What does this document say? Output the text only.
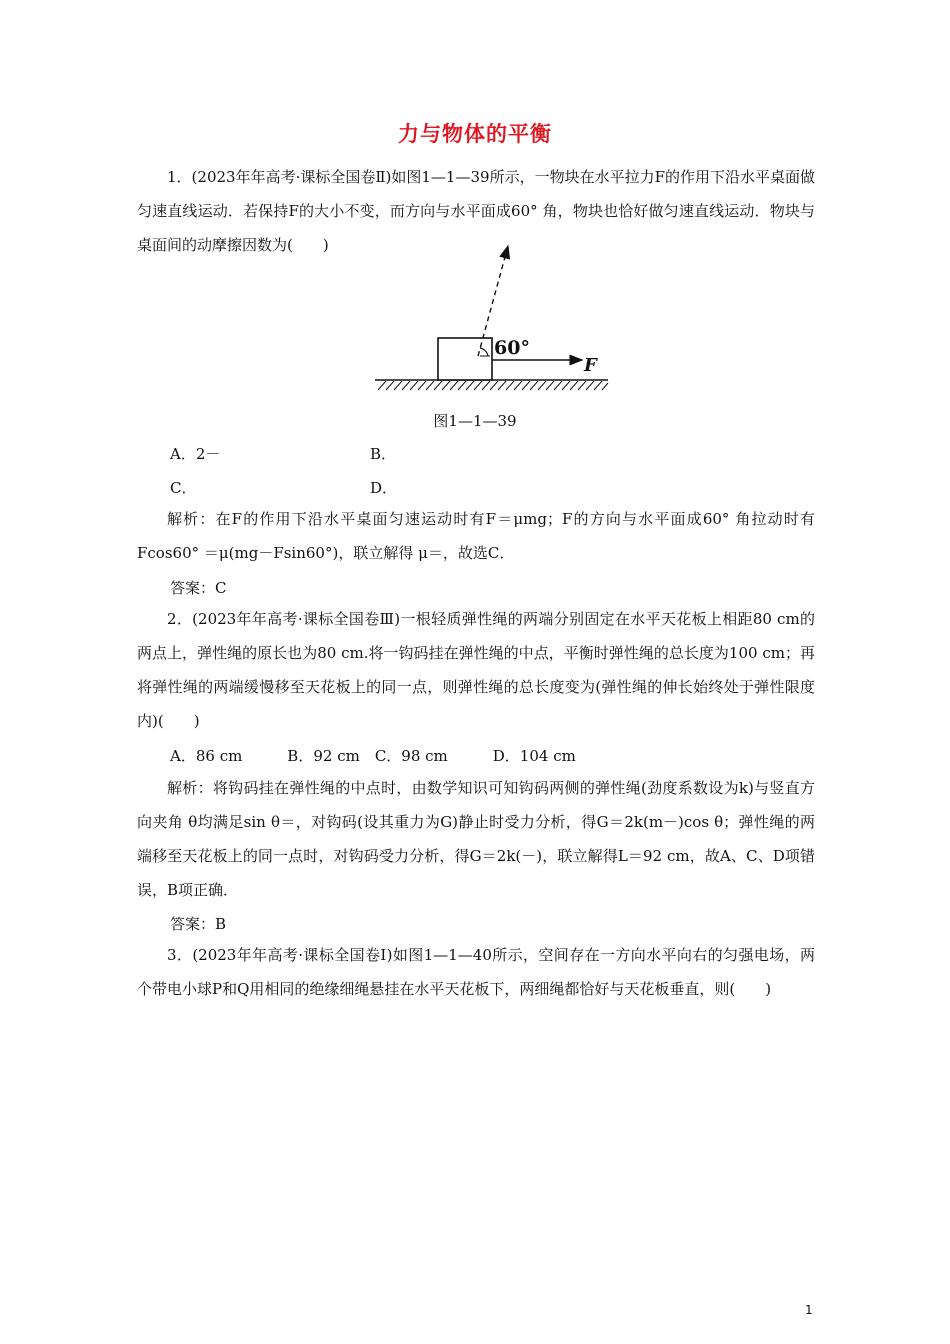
力与物体的平衡
1．(2023年年高考·课标全国卷Ⅱ)如图1—1—39所示，一物块在水平拉力F的作用下沿水平桌面做匀速直线运动．若保持F的大小不变，而方向与水平面成60° 角，物块也恰好做匀速直线运动．物块与桌面间的动摩擦因数为(　　)
60°
F
图1—1—39
A．2－	B．
C．	D．
解析：在F的作用下沿水平桌面匀速运动时有F＝μmg；F的方向与水平面成60° 角拉动时有Fcos60° ＝μ(mg－Fsin60°)，联立解得 μ＝，故选C．
答案：C
2．(2023年年高考·课标全国卷Ⅲ)一根轻质弹性绳的两端分别固定在水平天花板上相距80 cm的两点上，弹性绳的原长也为80 cm.将一钩码挂在弹性绳的中点，平衡时弹性绳的总长度为100 cm；再将弹性绳的两端缓慢移至天花板上的同一点，则弹性绳的总长度变为(弹性绳的伸长始终处于弹性限度内)(　　)
A．86 cm　　　B．92 cm　C．98 cm　　　D．104 cm
解析：将钩码挂在弹性绳的中点时，由数学知识可知钩码两侧的弹性绳(劲度系数设为k)与竖直方向夹角 θ均满足sin θ＝，对钩码(设其重力为G)静止时受力分析，得G＝2k(m－)cos θ；弹性绳的两端移至天花板上的同一点时，对钩码受力分析，得G＝2k(－)，联立解得L＝92 cm，故A、C、D项错误，B项正确．
答案：B
3．(2023年年高考·课标全国卷Ⅰ)如图1—1—40所示，空间存在一方向水平向右的匀强电场，两个带电小球P和Q用相同的绝缘细绳悬挂在水平天花板下，两细绳都恰好与天花板垂直，则(　　)
1
